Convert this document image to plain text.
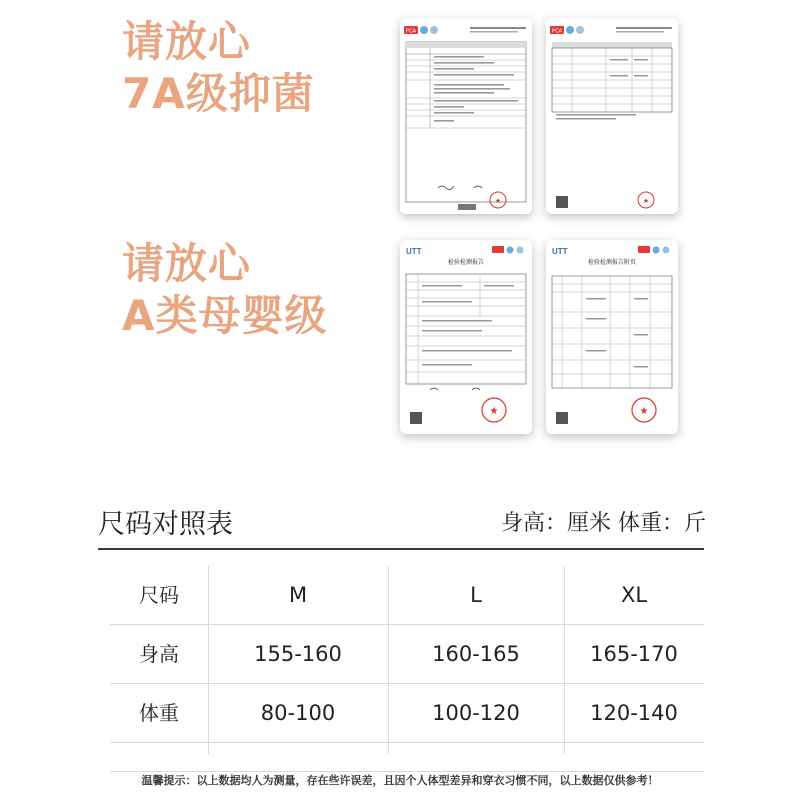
请放心
7A级抑菌
请放心
A类母婴级
PCA
★
PCA
★
UTT
检验检测报告
★
UTT
检验检测报告附页
★
尺码对照表	身高：厘米 体重：斤
尺码	M	L	XL
身高	155-160	160-165	165-170
体重	80-100	100-120	120-140
温馨提示：以上数据均人为测量，存在些许误差，且因个人体型差异和穿衣习惯不同，以上数据仅供参考！
